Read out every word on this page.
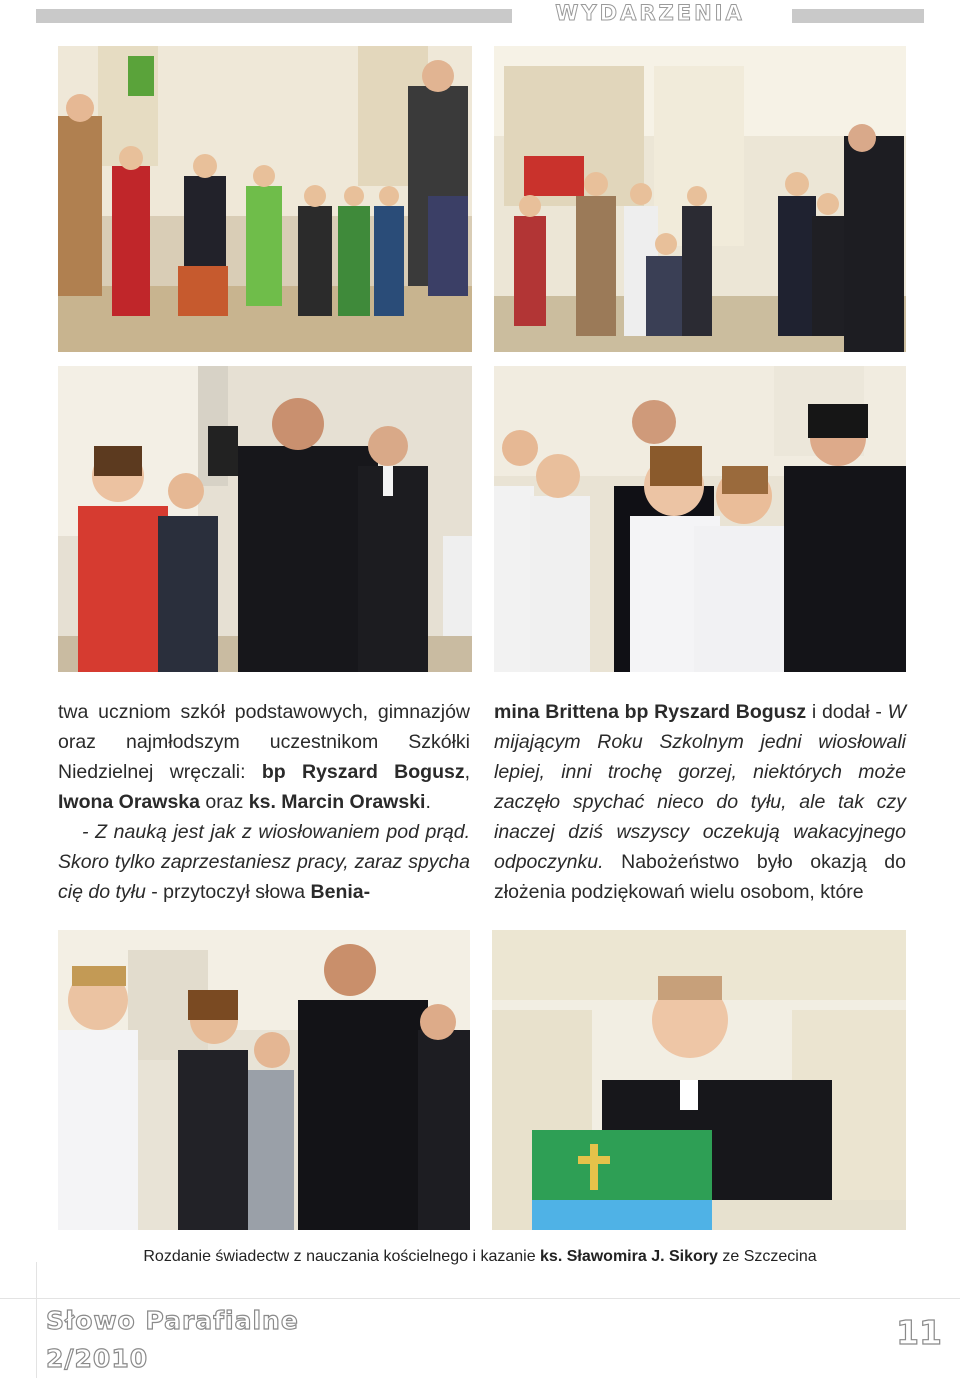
WYDARZENIA
twa uczniom szkół podstawowych, gimnazjów oraz najmłodszym uczestnikom Szkółki Niedzielnej wręczali: bp Ryszard Bogusz, Iwona Orawska oraz ks. Marcin Orawski.
- Z nauką jest jak z wiosłowaniem pod prąd. Skoro tylko zaprzestaniesz pracy, zaraz spycha cię do tyłu - przytoczył słowa Benia-
mina Brittena bp Ryszard Bogusz i dodał - W mijającym Roku Szkolnym jedni wiosłowali lepiej, inni trochę gorzej, niektórych może zaczęło spychać nieco do tyłu, ale tak czy inaczej dziś wszyscy oczekują wakacyjnego odpoczynku. Nabożeństwo było okazją do złożenia podziękowań wielu osobom, które
Rozdanie świadectw z nauczania kościelnego i kazanie ks. Sławomira J. Sikory ze Szczecina
Słowo Parafialne
2/2010
11
